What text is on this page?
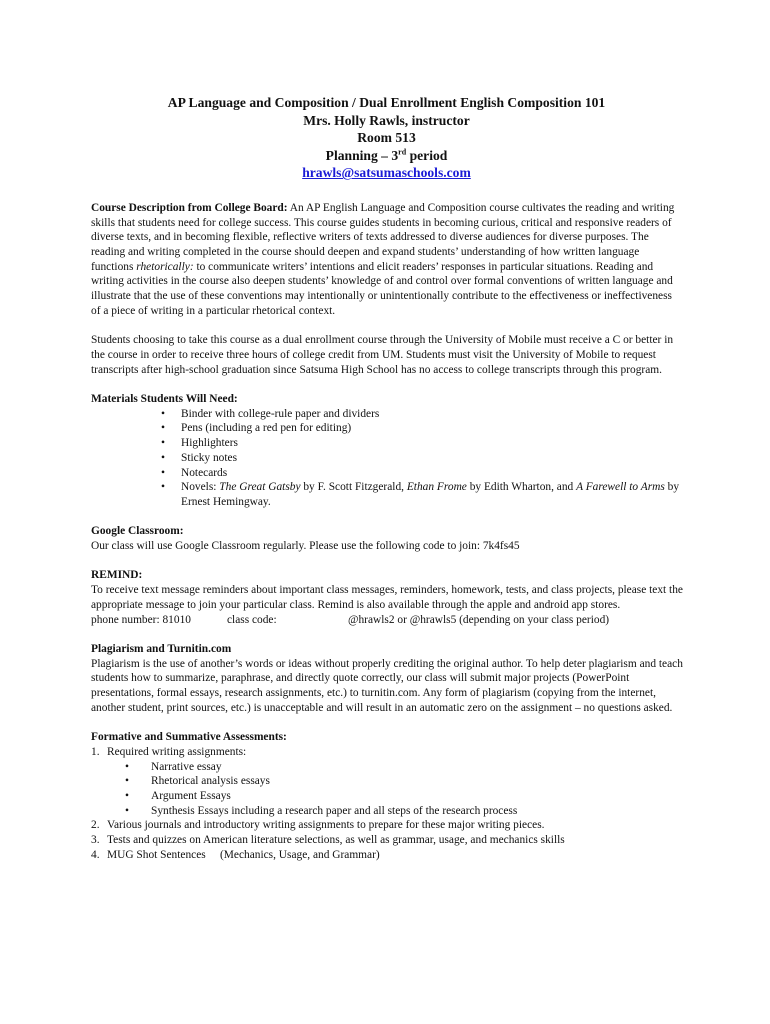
AP Language and Composition / Dual Enrollment English Composition 101
Mrs. Holly Rawls, instructor
Room 513
Planning – 3rd period
hrawls@satsumaschools.com

Course Description from College Board: An AP English Language and Composition course cultivates the reading and writing skills that students need for college success. This course guides students in becoming curious, critical and responsive readers of diverse texts, and in becoming flexible, reflective writers of texts addressed to diverse audiences for diverse purposes. The reading and writing completed in the course should deepen and expand students’ understanding of how written language functions rhetorically: to communicate writers’ intentions and elicit readers’ responses in particular situations. Reading and writing activities in the course also deepen students’ knowledge of and control over formal conventions of written language and illustrate that the use of these conventions may intentionally or unintentionally contribute to the effectiveness or ineffectiveness of a piece of writing in a particular rhetorical context.

Students choosing to take this course as a dual enrollment course through the University of Mobile must receive a C or better in the course in order to receive three hours of college credit from UM. Students must visit the University of Mobile to request transcripts after high-school graduation since Satsuma High School has no access to college transcripts through this program.

Materials Students Will Need:

• Binder with college-rule paper and dividers
• Pens (including a red pen for editing)
• Highlighters
• Sticky notes
• Notecards
• Novels: The Great Gatsby by F. Scott Fitzgerald, Ethan Frome by Edith Wharton, and A Farewell to Arms by Ernest Hemingway.

Google Classroom:

Our class will use Google Classroom regularly. Please use the following code to join: 7k4fs45

REMIND:

To receive text message reminders about important class messages, reminders, homework, tests, and class projects, please text the appropriate message to join your particular class. Remind is also available through the apple and android app stores.

phone number: 81010	class code:	@hrawls2 or @hrawls5 (depending on your class period)

Plagiarism and Turnitin.com

Plagiarism is the use of another’s words or ideas without properly crediting the original author. To help deter plagiarism and teach students how to summarize, paraphrase, and directly quote correctly, our class will submit major projects (PowerPoint presentations, formal essays, research assignments, etc.) to turnitin.com. Any form of plagiarism (copying from the internet, another student, print sources, etc.) is unacceptable and will result in an automatic zero on the assignment – no questions asked.

Formative and Summative Assessments:

1. Required writing assignments:
• Narrative essay
• Rhetorical analysis essays
• Argument Essays
• Synthesis Essays including a research paper and all steps of the research process
2. Various journals and introductory writing assignments to prepare for these major writing pieces.
3. Tests and quizzes on American literature selections, as well as grammar, usage, and mechanics skills
4. MUG Shot Sentences (Mechanics, Usage, and Grammar)
